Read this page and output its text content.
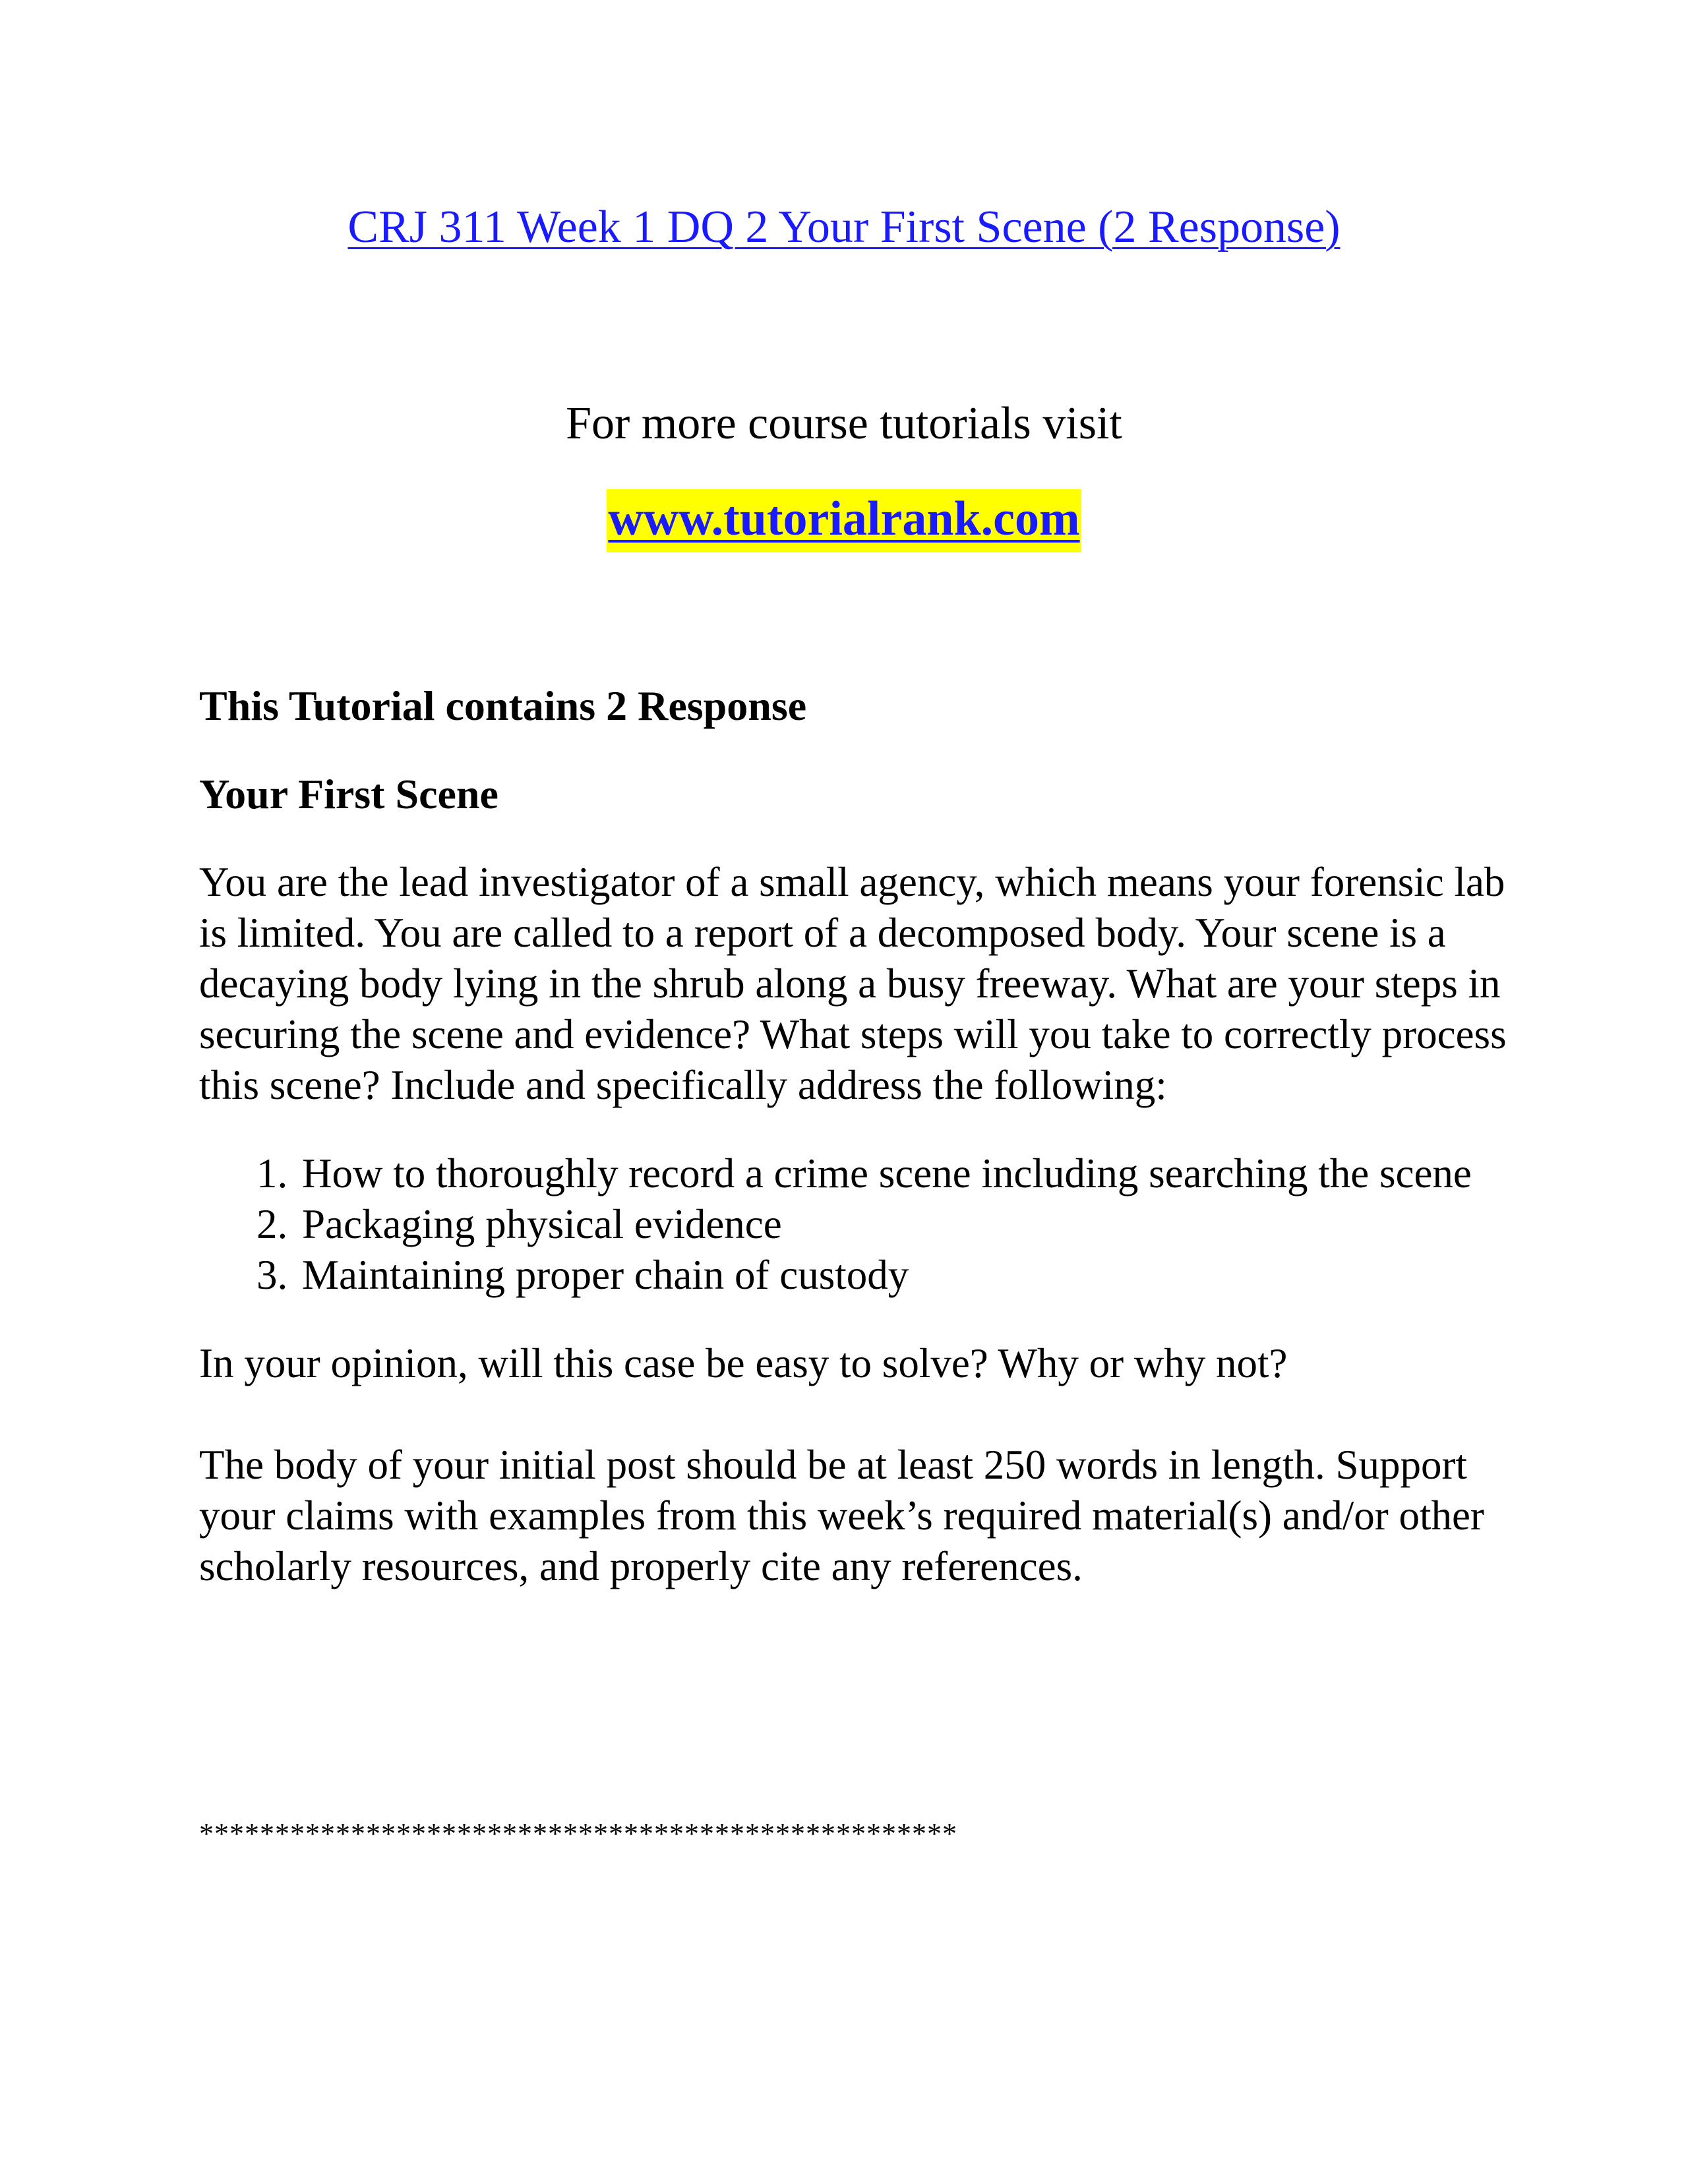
CRJ 311 Week 1 DQ 2 Your First Scene (2 Response)
For more course tutorials visit
www.tutorialrank.com

This Tutorial contains 2 Response

Your First Scene

You are the lead investigator of a small agency, which means your forensic lab is limited. You are called to a report of a decomposed body. Your scene is a decaying body lying in the shrub along a busy freeway. What are your steps in securing the scene and evidence? What steps will you take to correctly process this scene? Include and specifically address the following:

1. How to thoroughly record a crime scene including searching the scene
2. Packaging physical evidence
3. Maintaining proper chain of custody

In your opinion, will this case be easy to solve? Why or why not?

The body of your initial post should be at least 250 words in length. Support your claims with examples from this week’s required material(s) and/or other scholarly resources, and properly cite any references.

**************************************************
